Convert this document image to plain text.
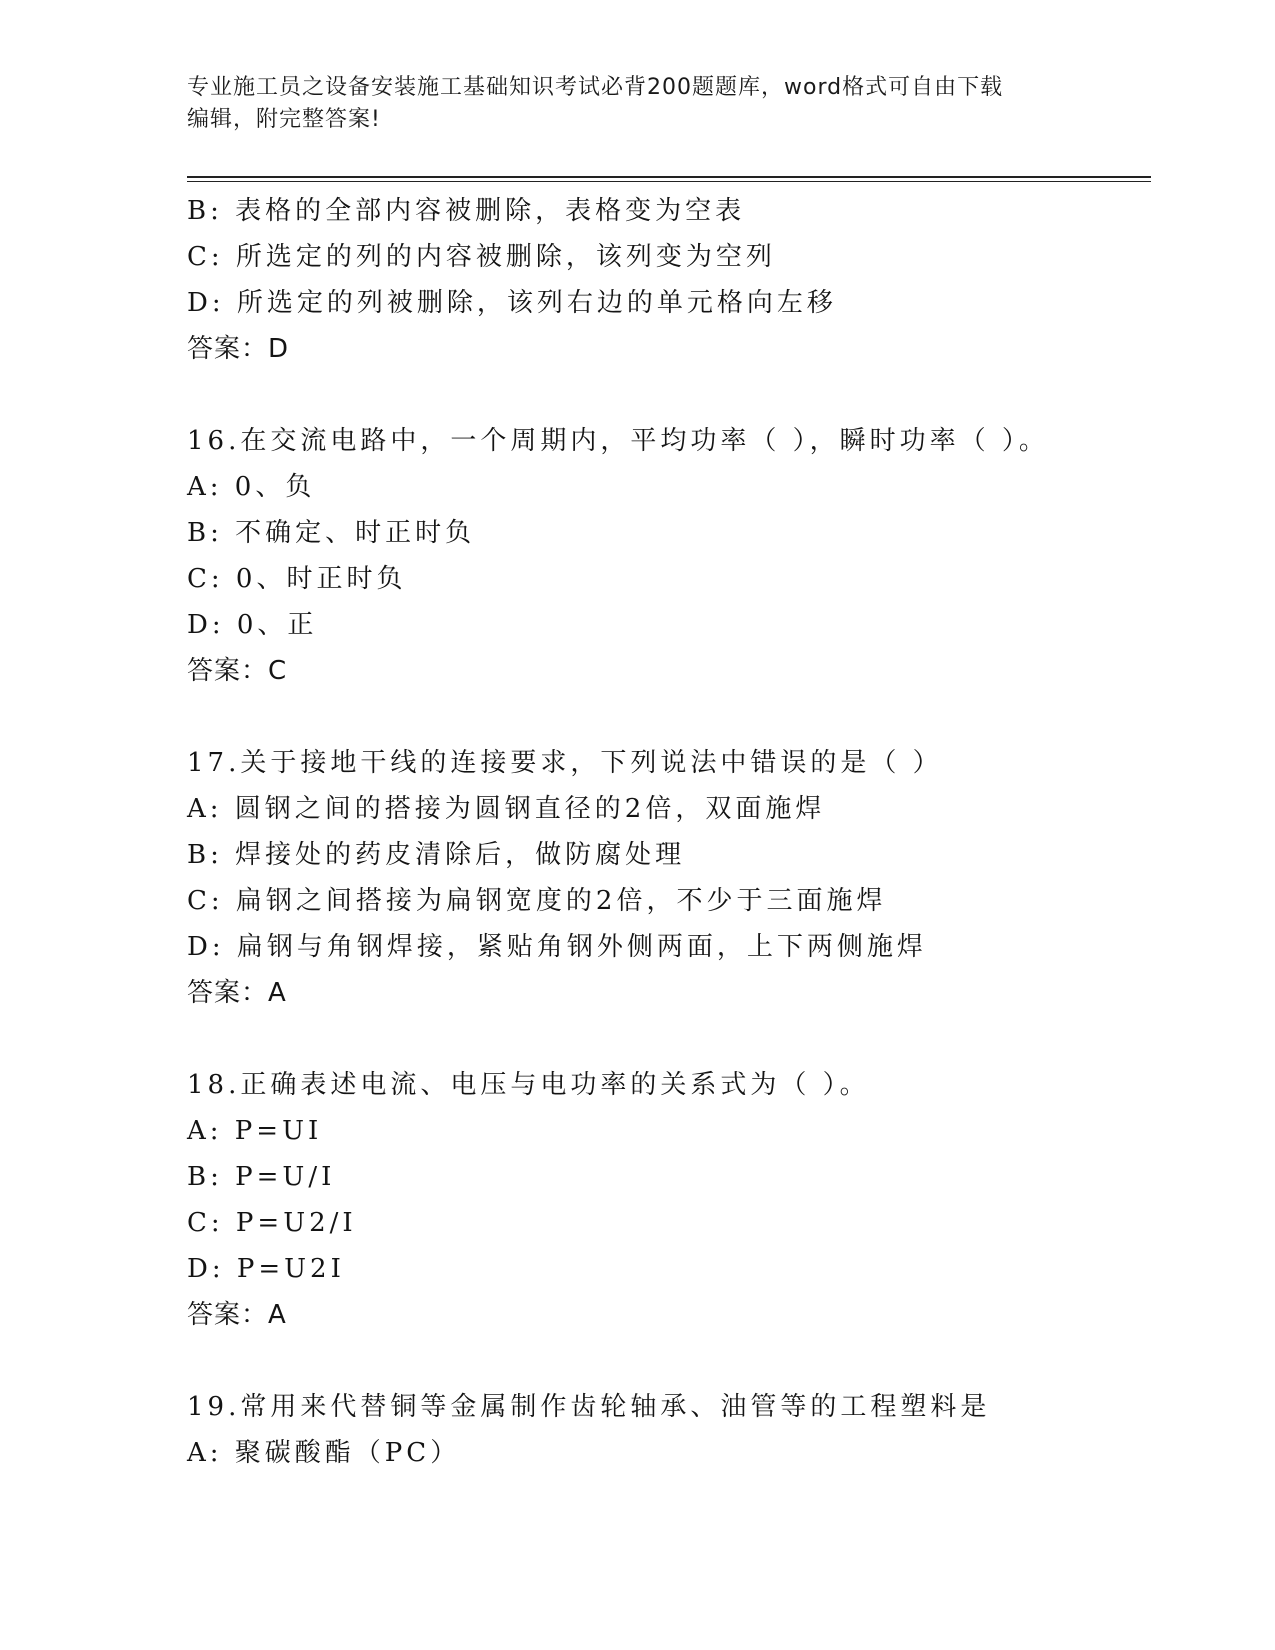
专业施工员之设备安装施工基础知识考试必背200题题库，word格式可自由下载
编辑，附完整答案!
B: 表格的全部内容被删除，表格变为空表
C: 所选定的列的内容被删除，该列变为空列
D: 所选定的列被删除，该列右边的单元格向左移
答案：D
16.在交流电路中，一个周期内，平均功率（ ），瞬时功率（ ）。
A: 0、负
B: 不确定、时正时负
C: 0、时正时负
D: 0、正
答案：C
17.关于接地干线的连接要求，下列说法中错误的是（ ）
A: 圆钢之间的搭接为圆钢直径的2倍，双面施焊
B: 焊接处的药皮清除后，做防腐处理
C: 扁钢之间搭接为扁钢宽度的2倍，不少于三面施焊
D: 扁钢与角钢焊接，紧贴角钢外侧两面，上下两侧施焊
答案：A
18.正确表述电流、电压与电功率的关系式为（ ）。
A: P=UI
B: P=U/I
C: P=U2/I
D: P=U2I
答案：A
19.常用来代替铜等金属制作齿轮轴承、油管等的工程塑料是
A: 聚碳酸酯（PC）
